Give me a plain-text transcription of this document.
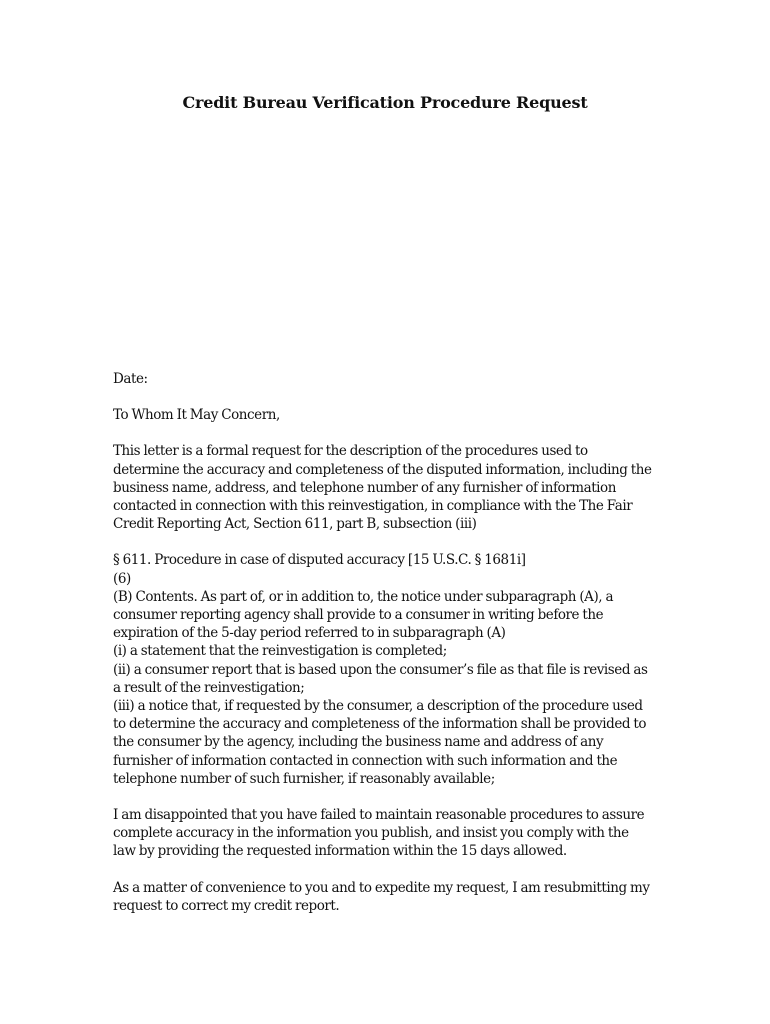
Credit Bureau Verification Procedure Request

Date:

To Whom It May Concern,

This letter is a formal request for the description of the procedures used to
determine the accuracy and completeness of the disputed information, including the
business name, address, and telephone number of any furnisher of information
contacted in connection with this reinvestigation, in compliance with the The Fair
Credit Reporting Act, Section 611, part B, subsection (iii)

§ 611. Procedure in case of disputed accuracy [15 U.S.C. § 1681i]
(6)
(B) Contents. As part of, or in addition to, the notice under subparagraph (A), a
consumer reporting agency shall provide to a consumer in writing before the
expiration of the 5-day period referred to in subparagraph (A)
(i) a statement that the reinvestigation is completed;
(ii) a consumer report that is based upon the consumer’s file as that file is revised as
a result of the reinvestigation;
(iii) a notice that, if requested by the consumer, a description of the procedure used
to determine the accuracy and completeness of the information shall be provided to
the consumer by the agency, including the business name and address of any
furnisher of information contacted in connection with such information and the
telephone number of such furnisher, if reasonably available;

I am disappointed that you have failed to maintain reasonable procedures to assure
complete accuracy in the information you publish, and insist you comply with the
law by providing the requested information within the 15 days allowed.

As a matter of convenience to you and to expedite my request, I am resubmitting my
request to correct my credit report.
